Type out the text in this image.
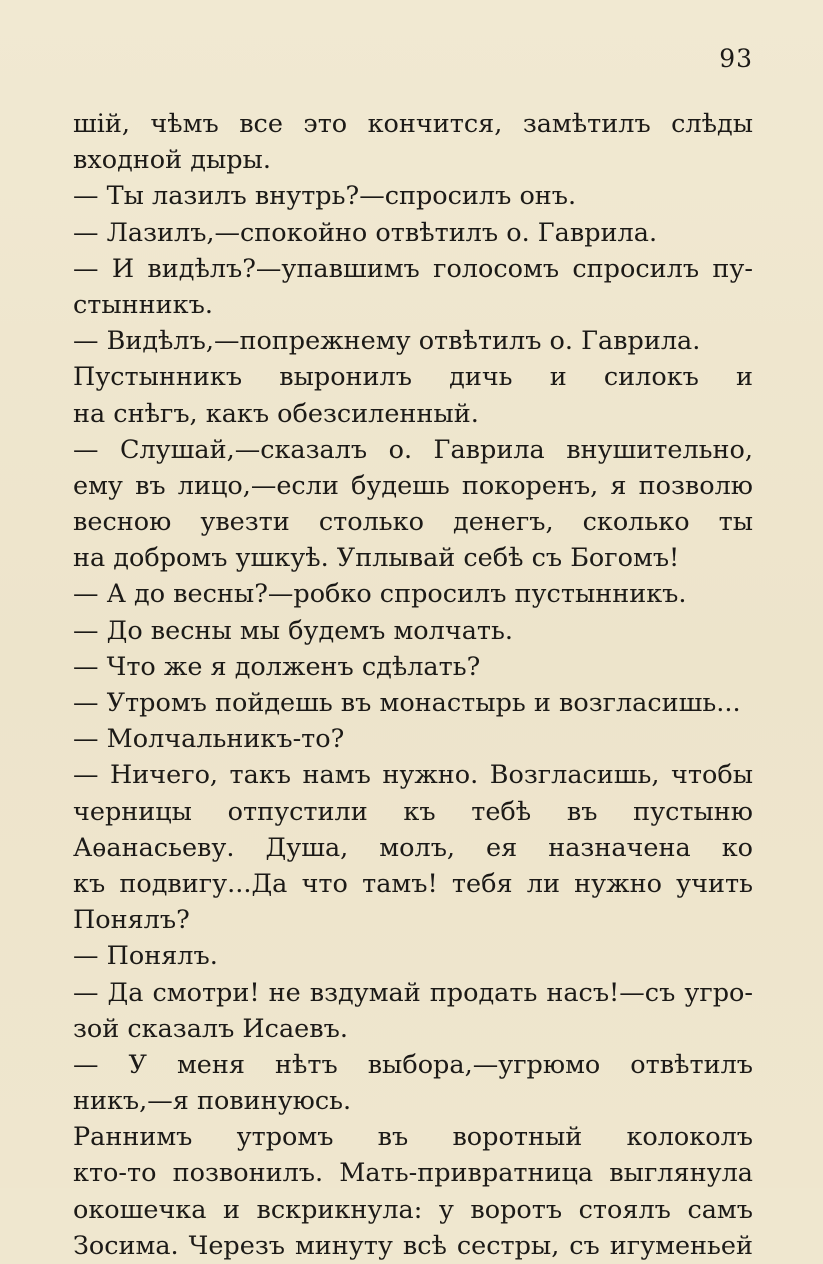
93
шій, чѣмъ все это кончится, замѣтилъ слѣды
входной дыры.
— Ты лазилъ внутрь?—спросилъ онъ.
— Лазилъ,—спокойно отвѣтилъ о. Гаврила.
— И видѣлъ?—упавшимъ голосомъ спросилъ пу-
стынникъ.
— Видѣлъ,—попрежнему отвѣтилъ о. Гаврила.
Пустынникъ выронилъ дичь и силокъ и
на снѣгъ, какъ обезсиленный.
— Слушай,—сказалъ о. Гаврила внушительно,
ему въ лицо,—если будешь покоренъ, я позволю
весною увезти столько денегъ, сколько ты
на добромъ ушкуѣ. Уплывай себѣ съ Богомъ!
— А до весны?—робко спросилъ пустынникъ.
— До весны мы будемъ молчать.
— Что же я долженъ сдѣлать?
— Утромъ пойдешь въ монастырь и возгласишь...
— Молчальникъ-то?
— Ничего, такъ намъ нужно. Возгласишь, чтобы
черницы отпустили къ тебѣ въ пустыню
Аѳанасьеву. Душа, молъ, ея назначена ко
къ подвигу...Да что тамъ! тебя ли нужно учить
Понялъ?
— Понялъ.
— Да смотри! не вздумай продать насъ!—съ угро-
зой сказалъ Исаевъ.
— У меня нѣтъ выбора,—угрюмо отвѣтилъ
никъ,—я повинуюсь.
Раннимъ утромъ въ воротный колоколъ
кто-то позвонилъ. Мать-привратница выглянула
окошечка и вскрикнула: у воротъ стоялъ самъ
Зосима. Черезъ минуту всѣ сестры, съ игуменьей
